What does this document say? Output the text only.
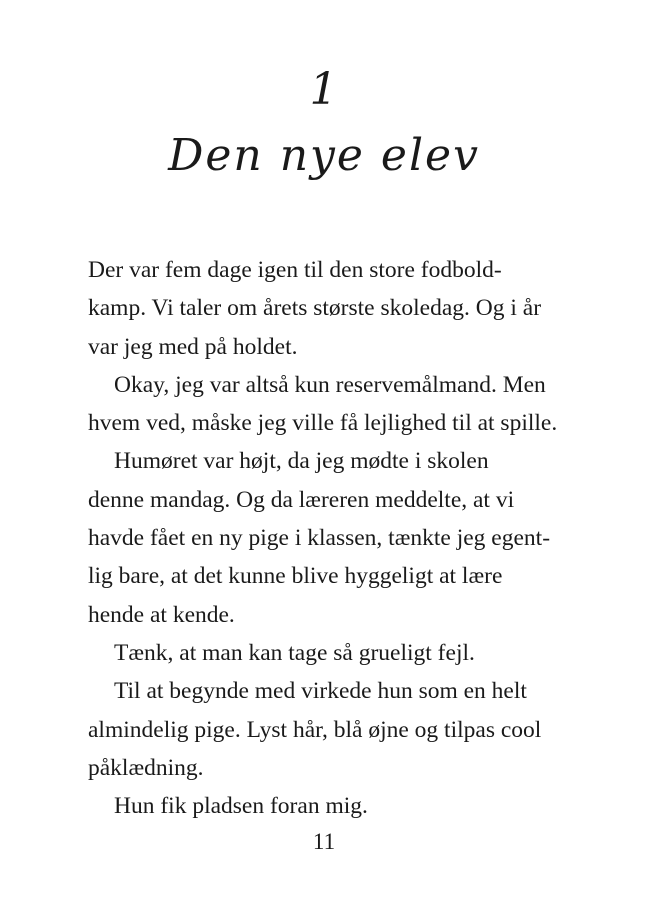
1
Den nye elev
Der var fem dage igen til den store fodbold-
kamp. Vi taler om årets største skoledag. Og i år
var jeg med på holdet.
Okay, jeg var altså kun reservemålmand. Men
hvem ved, måske jeg ville få lejlighed til at spille.
Humøret var højt, da jeg mødte i skolen
denne mandag. Og da læreren meddelte, at vi
havde fået en ny pige i klassen, tænkte jeg egent-
lig bare, at det kunne blive hyggeligt at lære
hende at kende.
Tænk, at man kan tage så grueligt fejl.
Til at begynde med virkede hun som en helt
almindelig pige. Lyst hår, blå øjne og tilpas cool
påklædning.
Hun fik pladsen foran mig.
11
